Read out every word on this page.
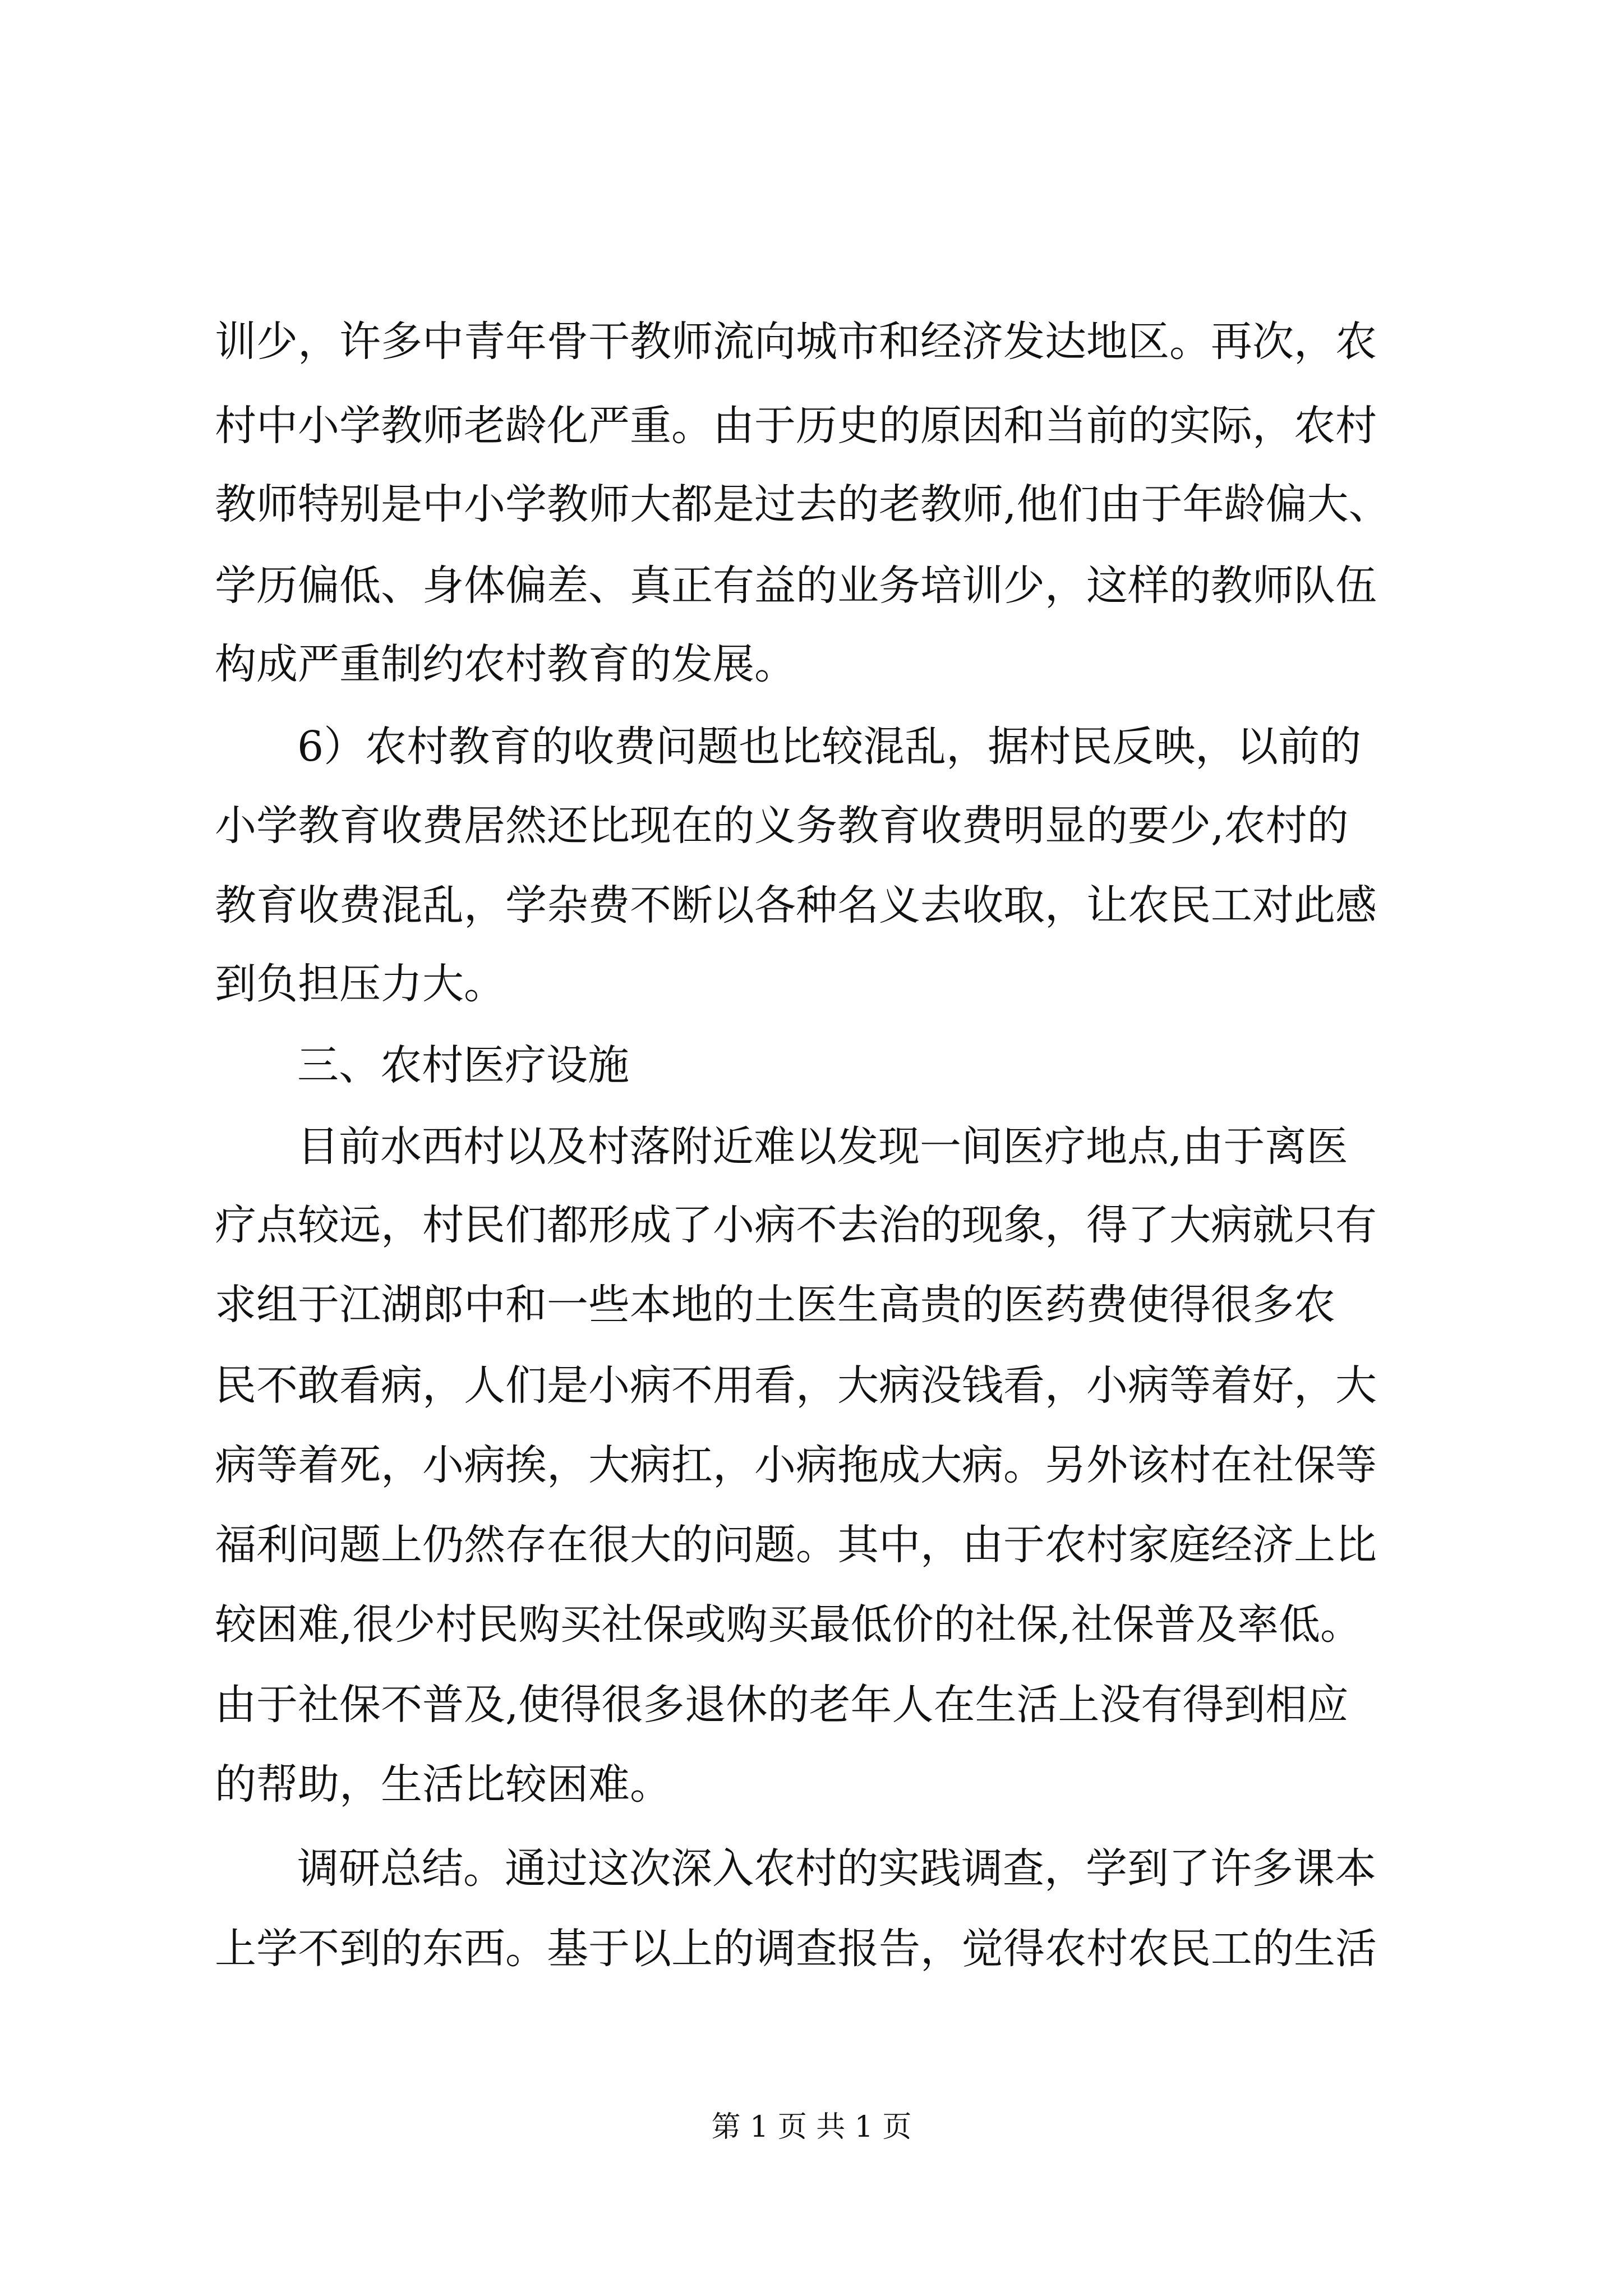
训少，许多中青年骨干教师流向城市和经济发达地区。再次，农
村中小学教师老龄化严重。由于历史的原因和当前的实际，农村
教师特别是中小学教师大都是过去的老教师,他们由于年龄偏大、
学历偏低、身体偏差、真正有益的业务培训少，这样的教师队伍
构成严重制约农村教育的发展。
6）农村教育的收费问题也比较混乱，据村民反映，以前的
小学教育收费居然还比现在的义务教育收费明显的要少,农村的
教育收费混乱，学杂费不断以各种名义去收取，让农民工对此感
到负担压力大。
三、农村医疗设施
目前水西村以及村落附近难以发现一间医疗地点,由于离医
疗点较远，村民们都形成了小病不去治的现象，得了大病就只有
求组于江湖郎中和一些本地的土医生高贵的医药费使得很多农
民不敢看病，人们是小病不用看，大病没钱看，小病等着好，大
病等着死，小病挨，大病扛，小病拖成大病。另外该村在社保等
福利问题上仍然存在很大的问题。其中，由于农村家庭经济上比
较困难,很少村民购买社保或购买最低价的社保,社保普及率低。
由于社保不普及,使得很多退休的老年人在生活上没有得到相应
的帮助，生活比较困难。
调研总结。通过这次深入农村的实践调查，学到了许多课本
上学不到的东西。基于以上的调查报告，觉得农村农民工的生活
第 1 页 共 1 页
